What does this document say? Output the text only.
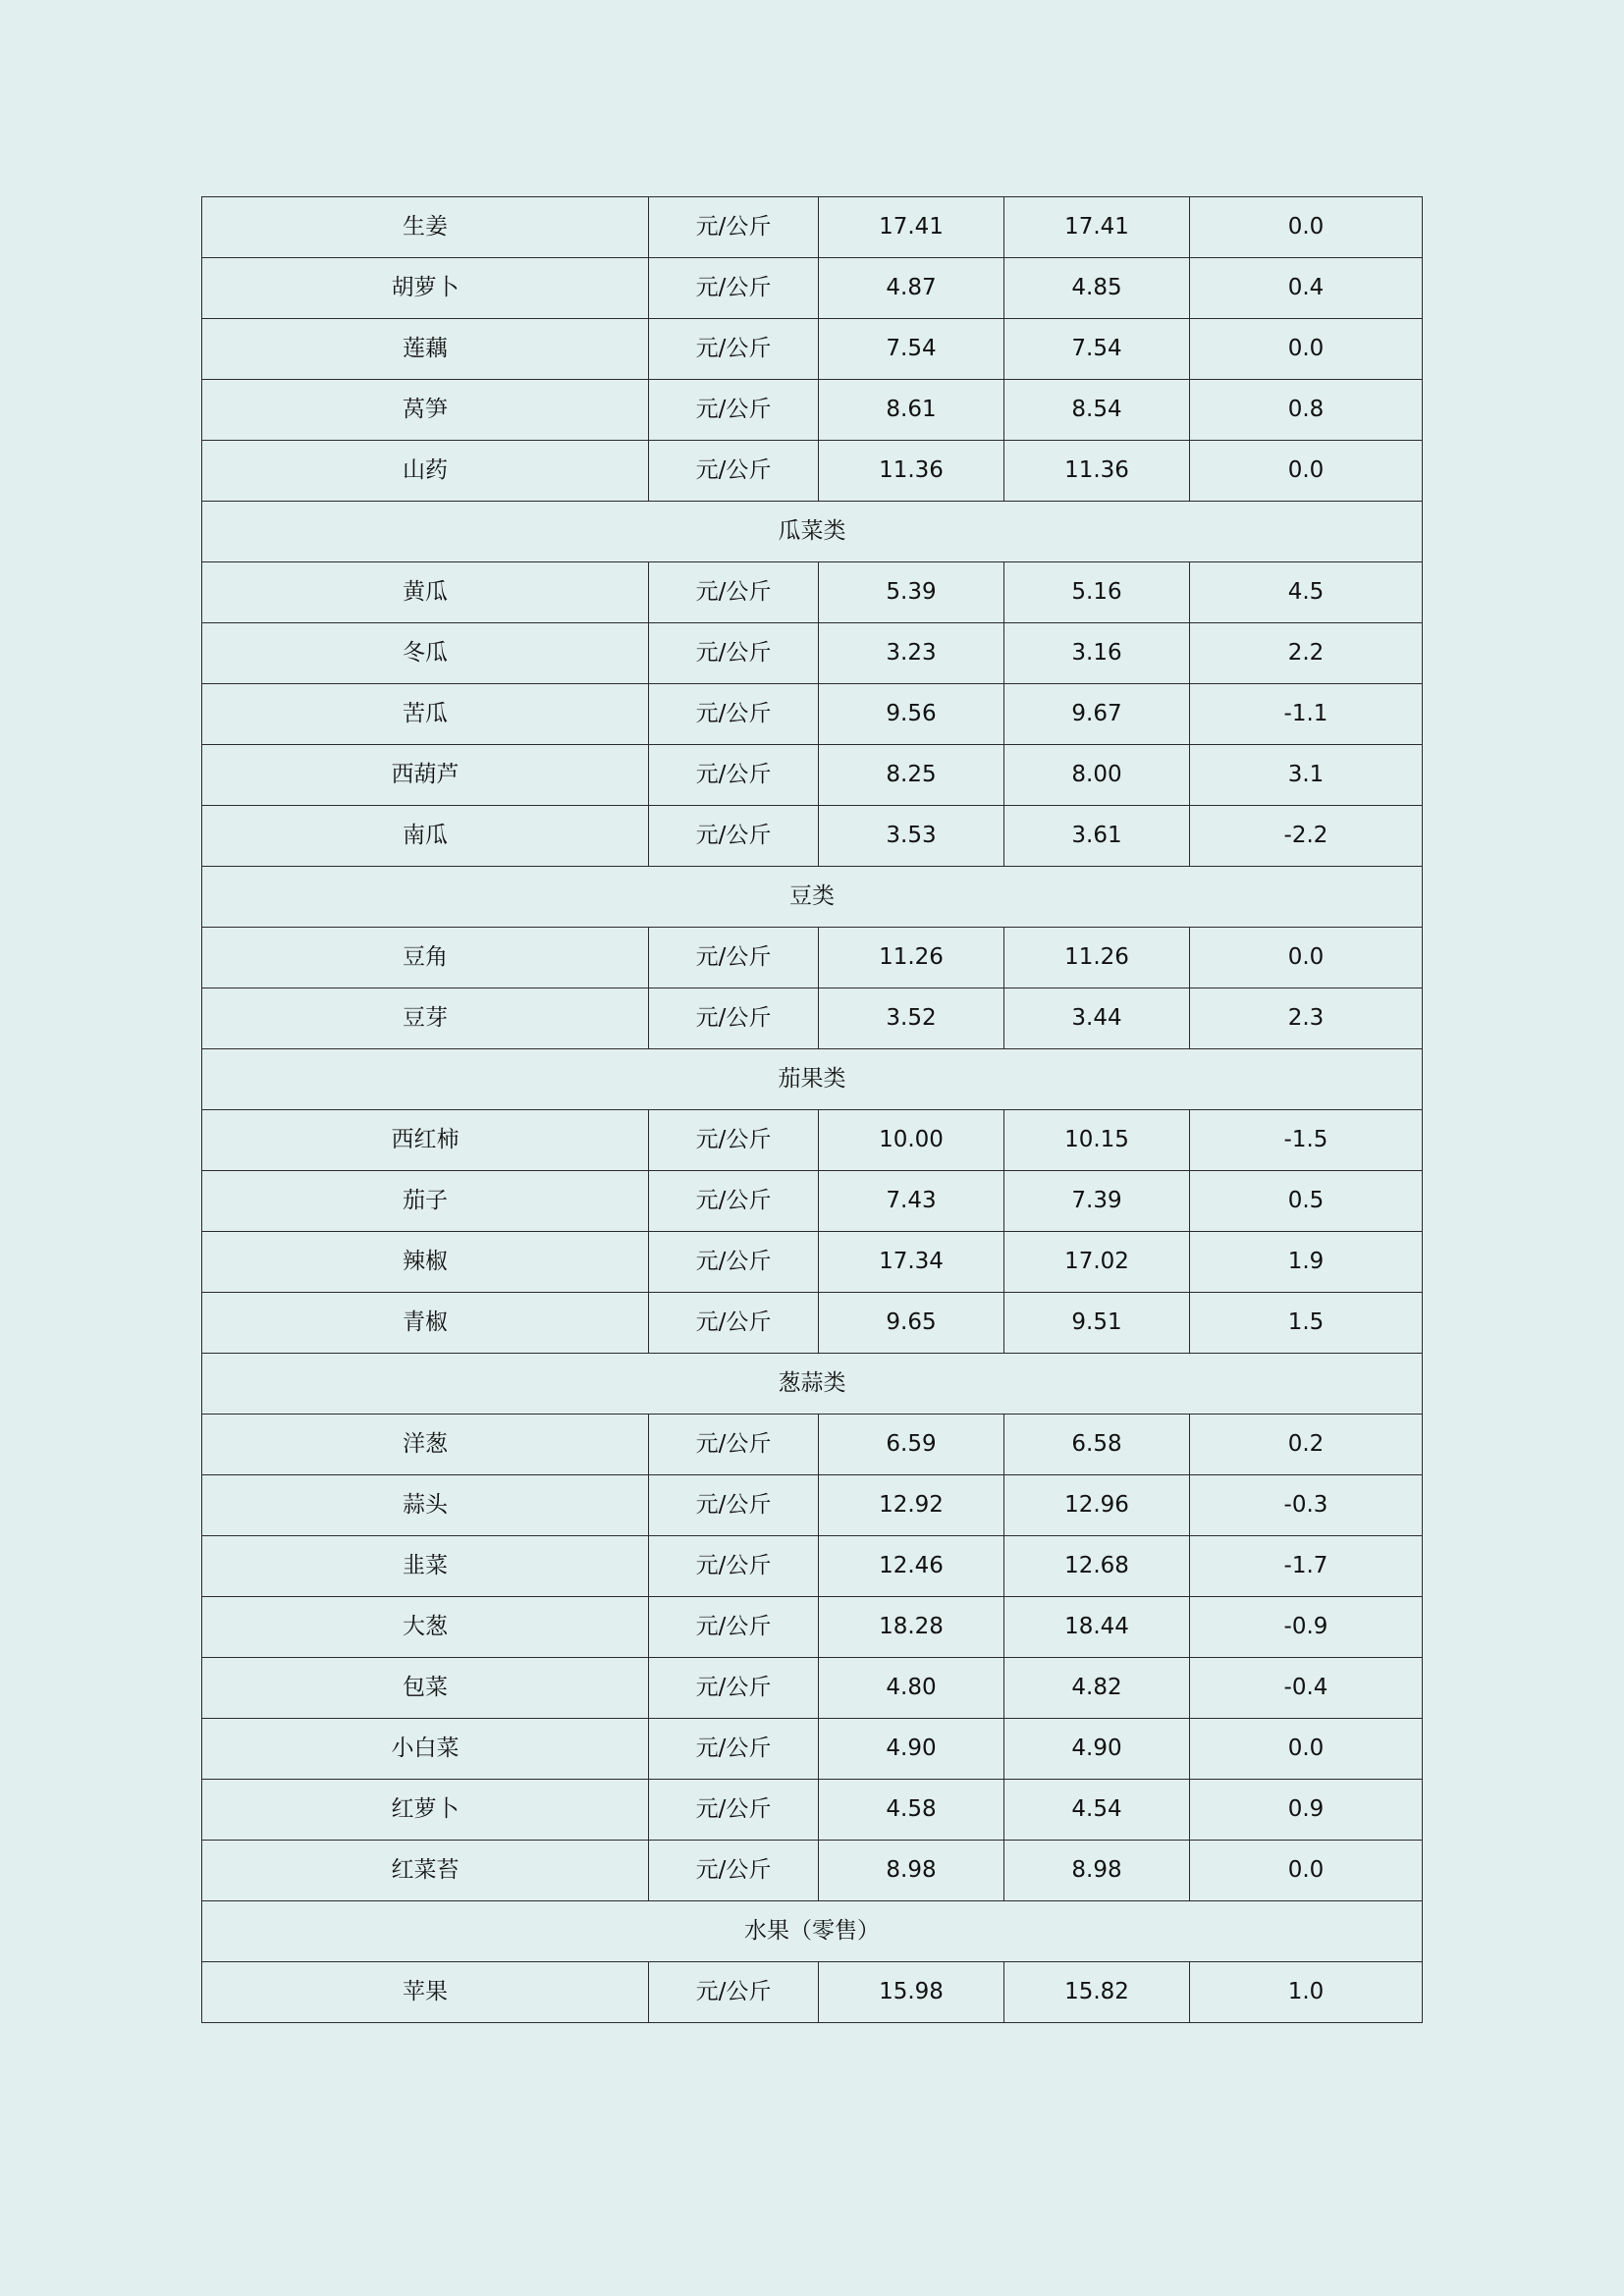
生姜	元/公斤	17.41	17.41	0.0
胡萝卜	元/公斤	4.87	4.85	0.4
莲藕	元/公斤	7.54	7.54	0.0
莴笋	元/公斤	8.61	8.54	0.8
山药	元/公斤	11.36	11.36	0.0
瓜菜类				
黄瓜	元/公斤	5.39	5.16	4.5
冬瓜	元/公斤	3.23	3.16	2.2
苦瓜	元/公斤	9.56	9.67	-1.1
西葫芦	元/公斤	8.25	8.00	3.1
南瓜	元/公斤	3.53	3.61	-2.2
豆类				
豆角	元/公斤	11.26	11.26	0.0
豆芽	元/公斤	3.52	3.44	2.3
茄果类				
西红柿	元/公斤	10.00	10.15	-1.5
茄子	元/公斤	7.43	7.39	0.5
辣椒	元/公斤	17.34	17.02	1.9
青椒	元/公斤	9.65	9.51	1.5
葱蒜类				
洋葱	元/公斤	6.59	6.58	0.2
蒜头	元/公斤	12.92	12.96	-0.3
韭菜	元/公斤	12.46	12.68	-1.7
大葱	元/公斤	18.28	18.44	-0.9
包菜	元/公斤	4.80	4.82	-0.4
小白菜	元/公斤	4.90	4.90	0.0
红萝卜	元/公斤	4.58	4.54	0.9
红菜苔	元/公斤	8.98	8.98	0.0
水果（零售）				
苹果	元/公斤	15.98	15.82	1.0
